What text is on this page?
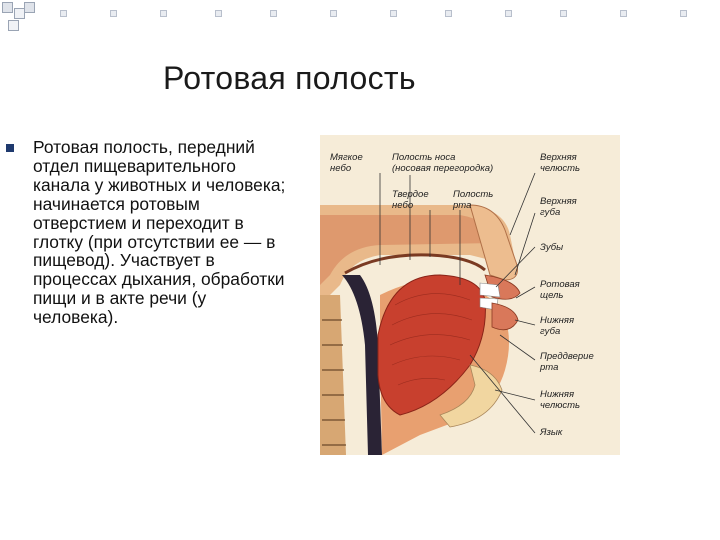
Ротовая полость
Ротовая полость, передний отдел пищеварительного канала у животных и человека; начинается ротовым отверстием и переходит в глотку (при отсутствии ее — в пищевод). Участвует в процессах дыхания, обработки пищи и в акте речи (у человека).
Мягкое
небо
Полость носа
(носовая перегородка)
Твердое
небо
Полость
рта
Верхняя
челюсть
Верхняя
губа
Зубы
Ротовая
щель
Нижняя
губа
Преддверие
рта
Нижняя
челюсть
Язык
